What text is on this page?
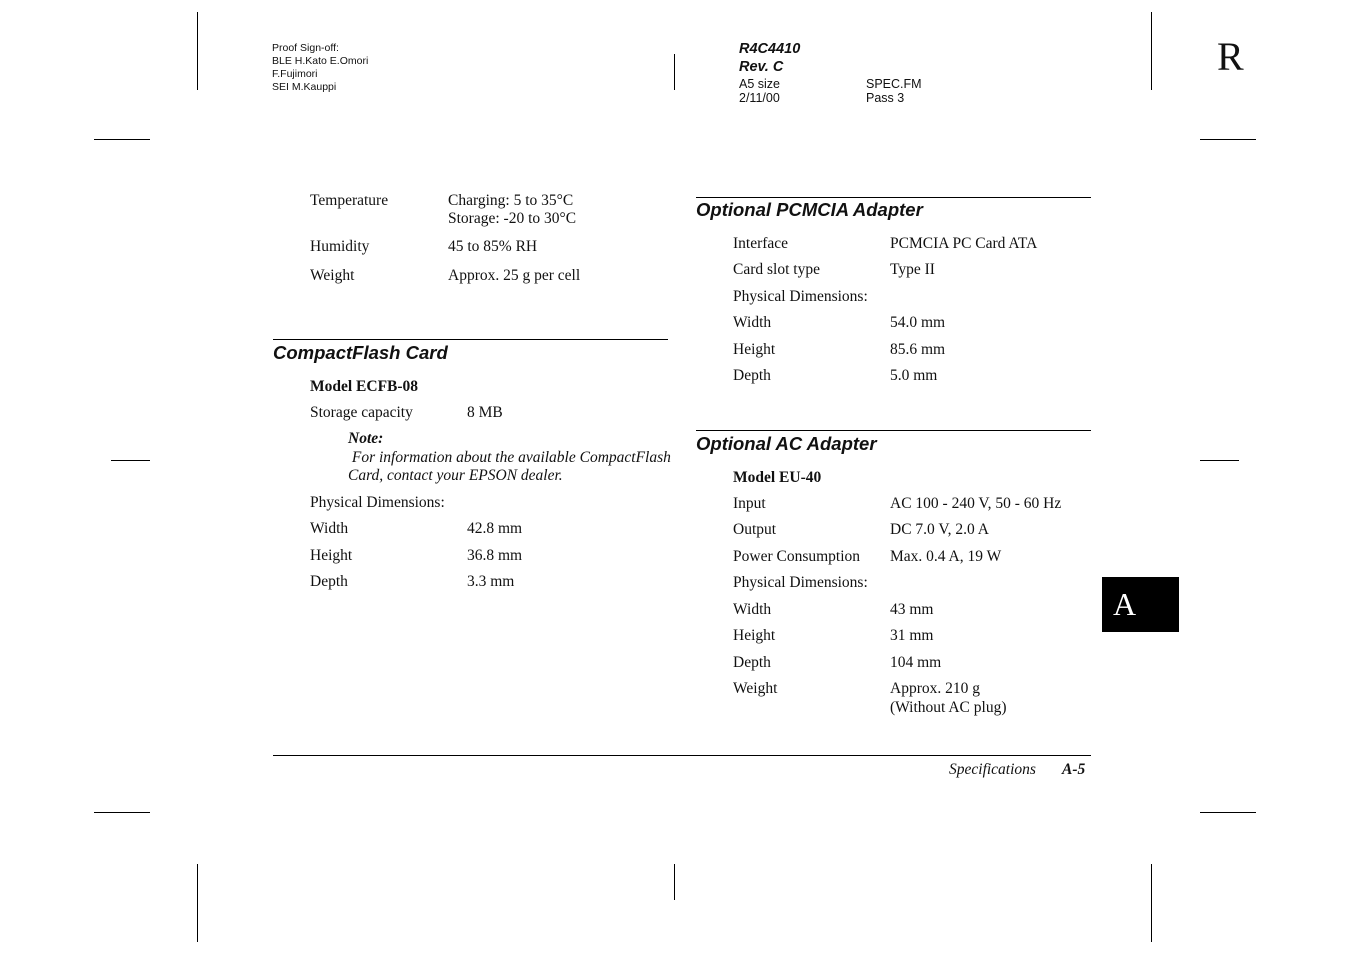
Proof Sign-off:
BLE H.Kato E.Omori
F.Fujimori
SEI M.Kauppi
R4C4410
Rev. C
A5 size	SPEC.FM
2/11/00	Pass 3
R
A
Temperature	Charging: 5 to 35°C
Storage: -20 to 30°C
Humidity	45 to 85% RH
Weight	Approx. 25 g per cell
CompactFlash Card
Model ECFB-08
Storage capacity	8 MB
Note:
For information about the available CompactFlash
Card, contact your EPSON dealer.
Physical Dimensions:
Width	42.8 mm
Height	36.8 mm
Depth	3.3 mm
Optional PCMCIA Adapter
Interface	PCMCIA PC Card ATA
Card slot type	Type II
Physical Dimensions:
Width	54.0 mm
Height	85.6 mm
Depth	5.0 mm
Optional AC Adapter
Model EU-40
Input	AC 100 - 240 V, 50 - 60 Hz
Output	DC 7.0 V, 2.0 A
Power Consumption Max. 0.4 A, 19 W
Physical Dimensions:
Width	43 mm
Height	31 mm
Depth	104 mm
Weight	Approx. 210 g
(Without AC plug)
Specifications A-5
